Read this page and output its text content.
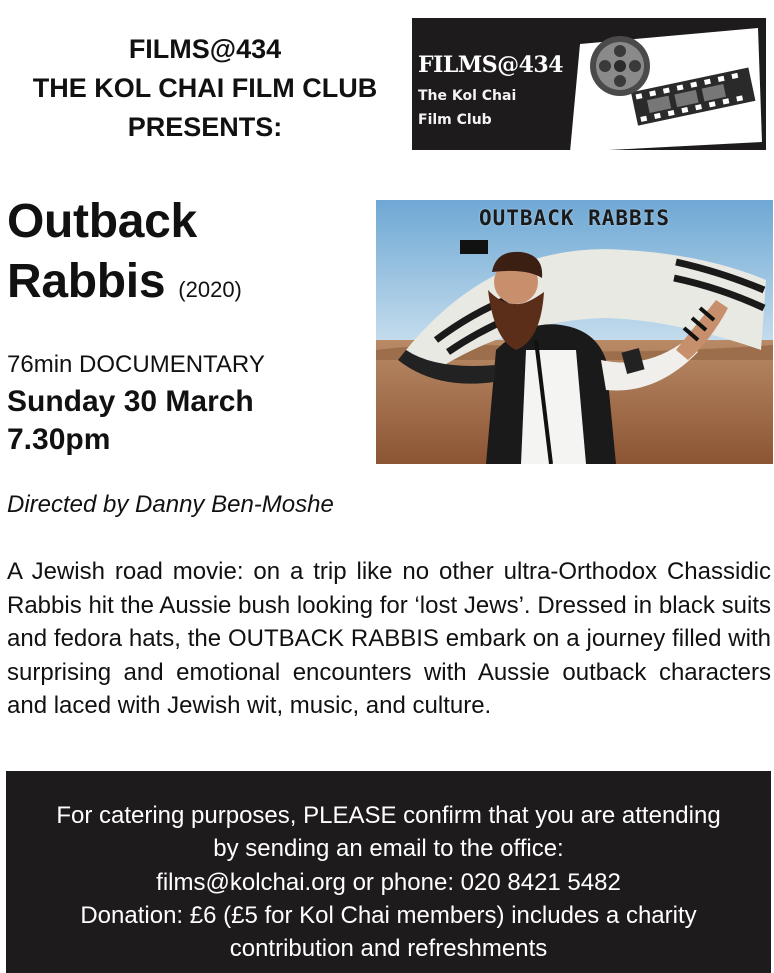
FILMS@434
THE KOL CHAI FILM CLUB
PRESENTS:
FILMS@434
The Kol Chai
Film Club
Outback
Rabbis (2020)
76min DOCUMENTARY
Sunday 30 March
7.30pm
Directed by Danny Ben-Moshe
OUTBACK RABBIS

A Jewish road movie: on a trip like no other ultra-Orthodox Chassidic Rabbis hit the Aussie bush looking for ‘lost Jews’. Dressed in black suits and fedora hats, the OUTBACK RABBIS embark on a journey filled with surprising and emotional encounters with Aussie outback characters and laced with Jewish wit, music, and culture.

For catering purposes, PLEASE confirm that you are attending
by sending an email to the office:
films@kolchai.org or phone: 020 8421 5482
Donation: £6 (£5 for Kol Chai members) includes a charity
contribution and refreshments
